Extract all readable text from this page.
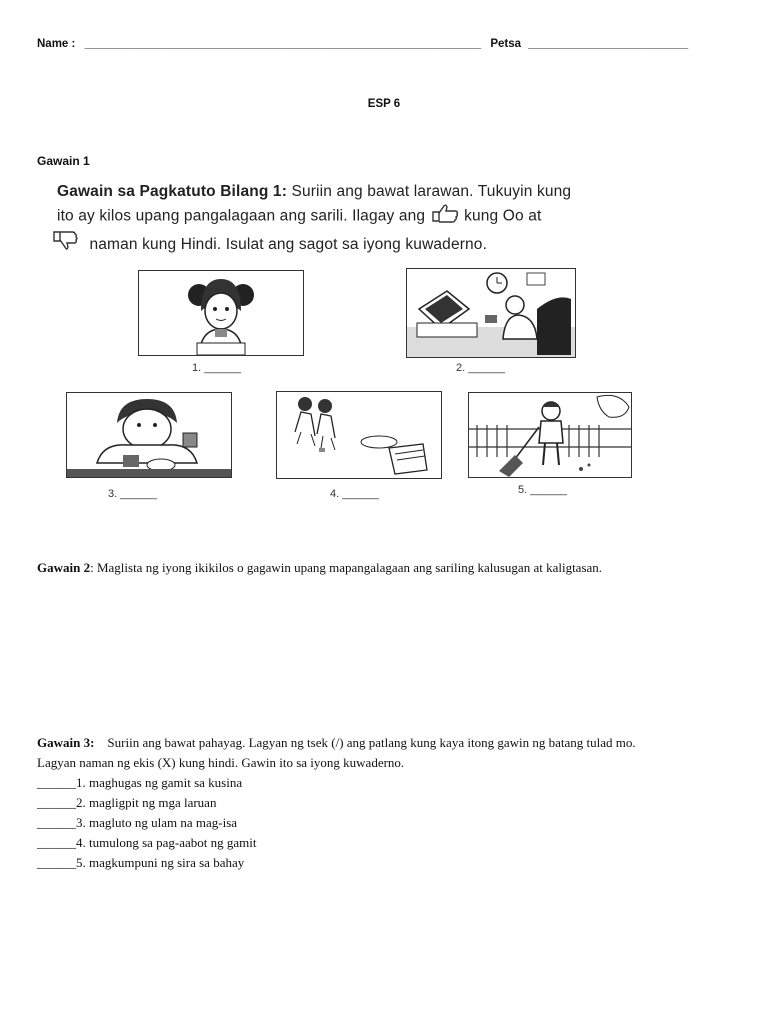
Name : ______________________________________________________________ Petsa _________________________
ESP 6
Gawain 1
Gawain sa Pagkatuto Bilang 1: Suriin ang bawat larawan. Tukuyin kung
ito ay kilos upang pangalagaan ang sarili. Ilagay ang	kung Oo at
naman kung Hindi. Isulat ang sagot sa iyong kuwaderno.
1. ______	2. ______
3. ______	4. ______	5. ______
Gawain 2: Maglista ng iyong ikikilos o gagawin upang mapangalagaan ang sariling kalusugan at kaligtasan.
Gawain 3:    Suriin ang bawat pahayag. Lagyan ng tsek (/) ang patlang kung kaya itong gawin ng batang tulad mo.
Lagyan naman ng ekis (X) kung hindi. Gawin ito sa iyong kuwaderno.
______1. maghugas ng gamit sa kusina
______2. magligpit ng mga laruan
______3. magluto ng ulam na mag-isa
______4. tumulong sa pag-aabot ng gamit
______5. magkumpuni ng sira sa bahay
